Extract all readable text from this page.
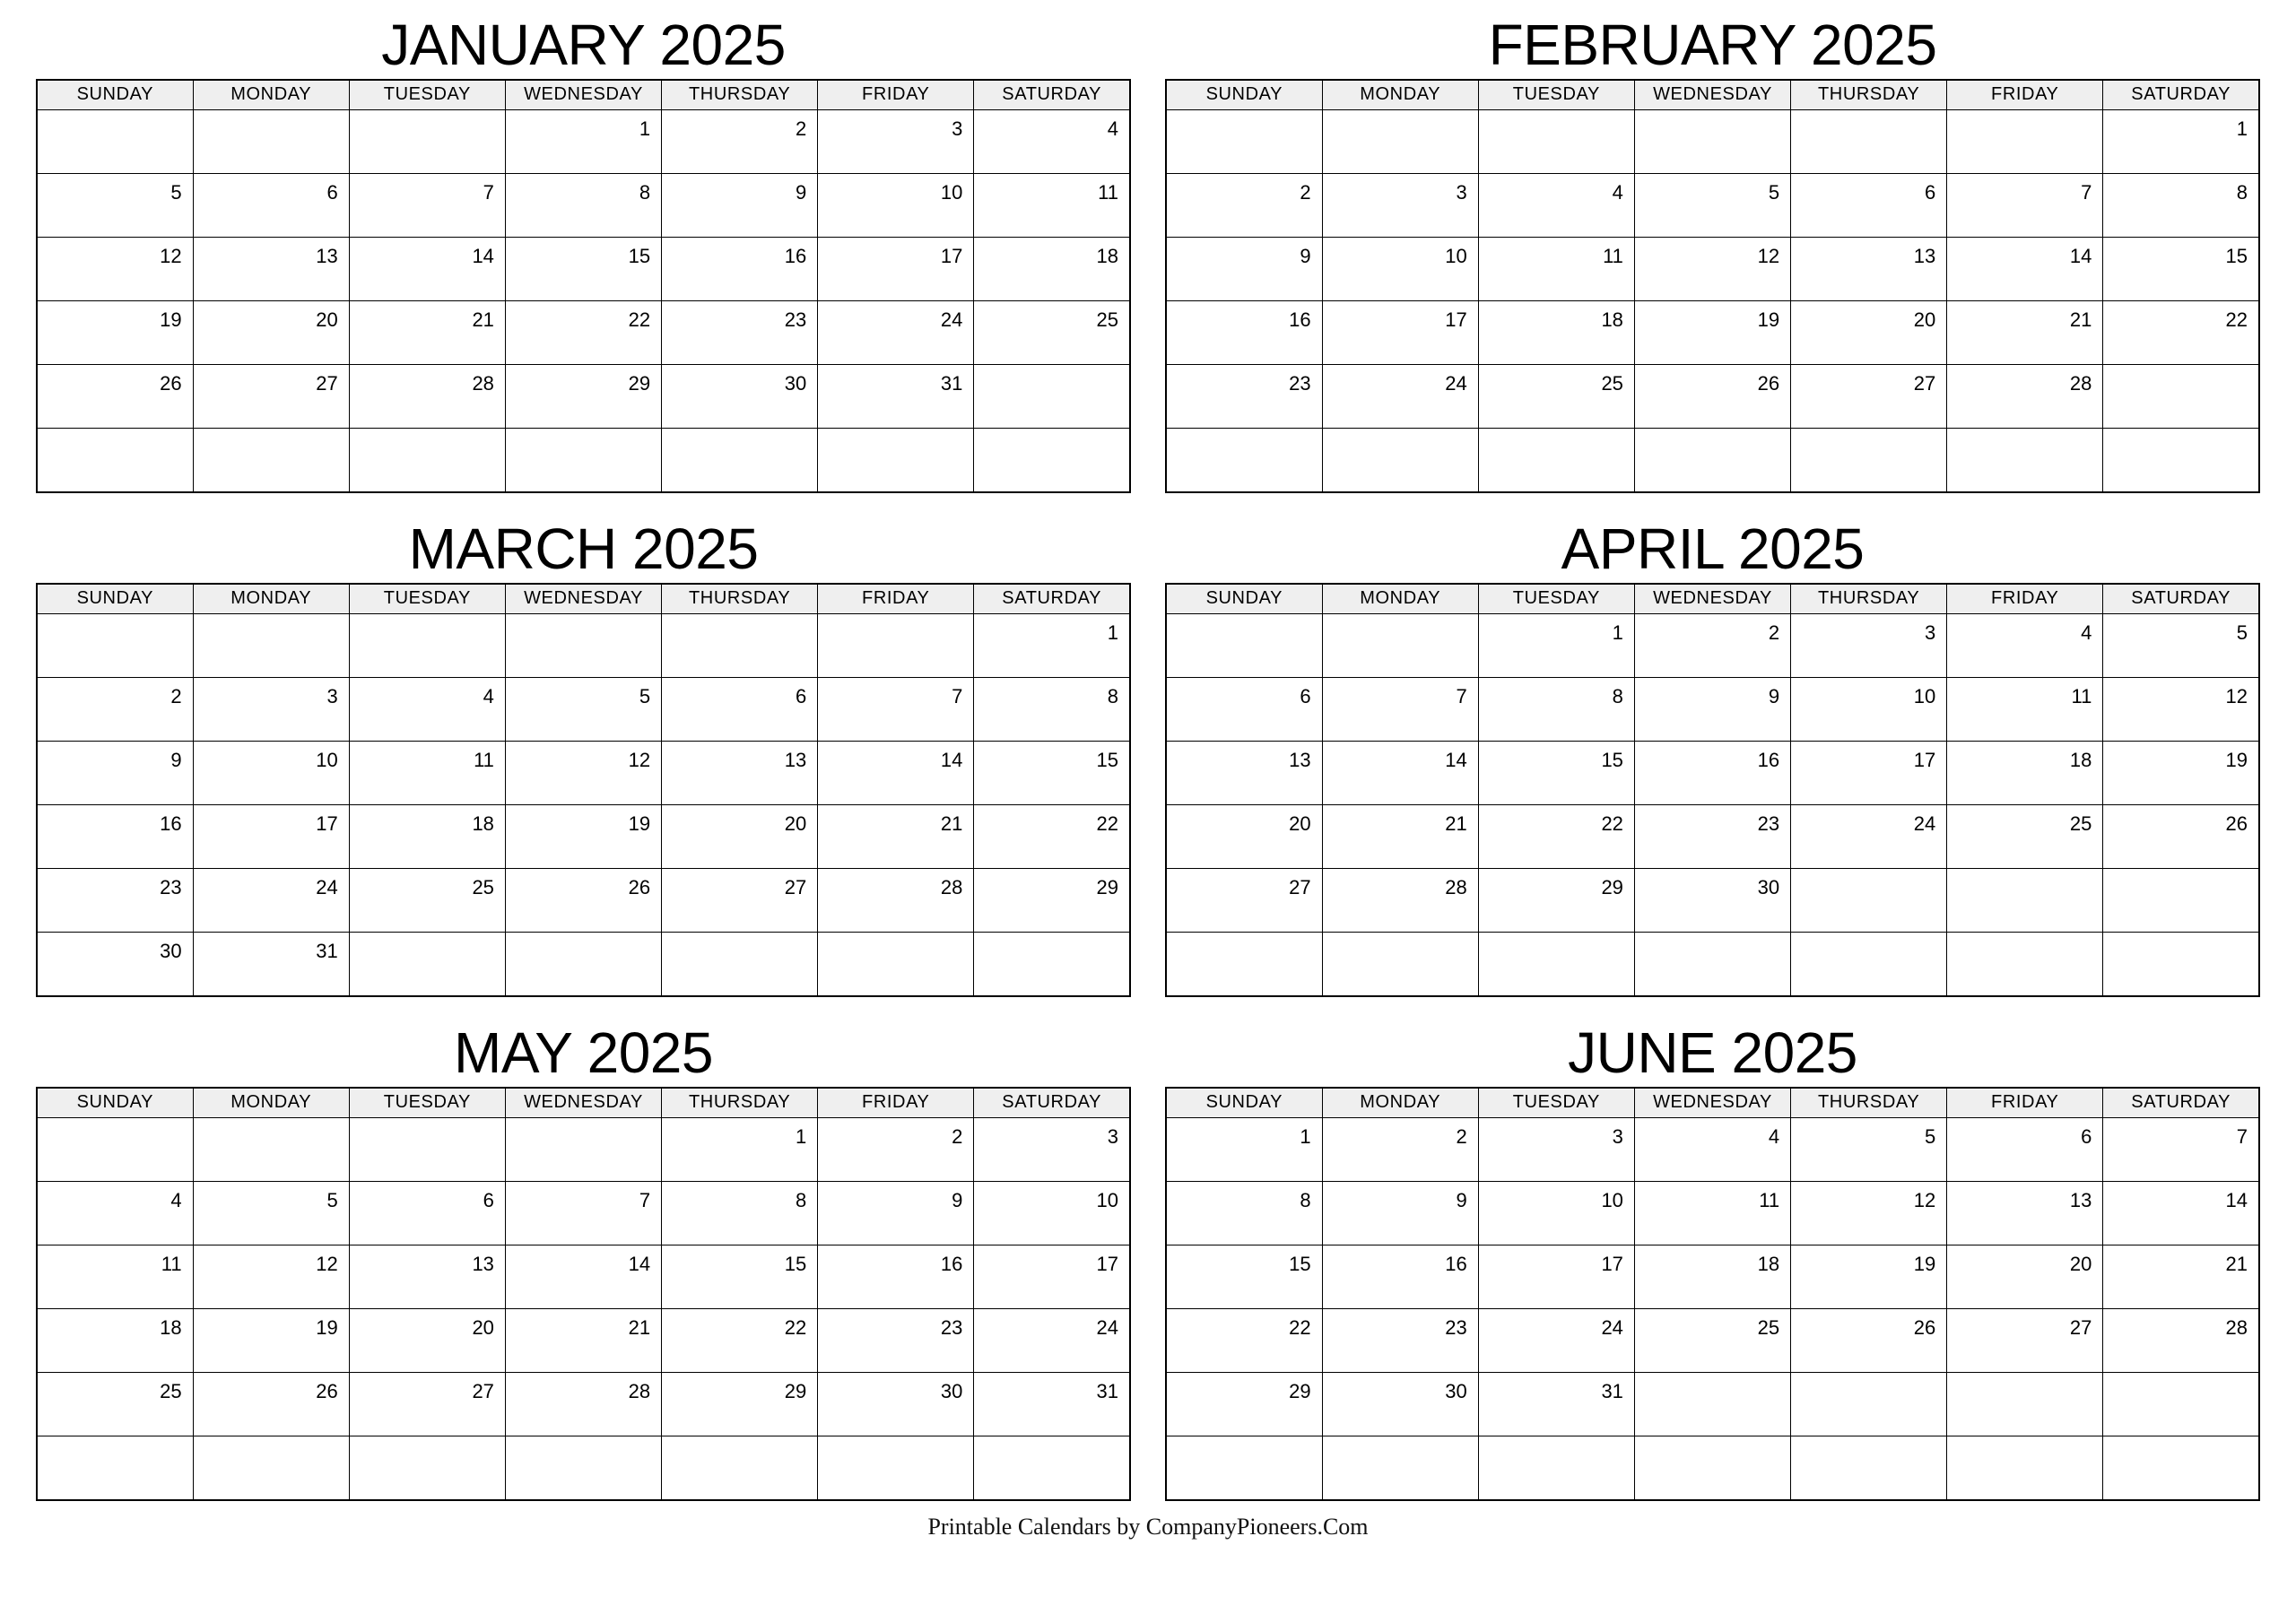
JANUARY 2025
SUNDAY	MONDAY	TUESDAY	WEDNESDAY	THURSDAY	FRIDAY	SATURDAY
			1	2	3	4
5	6	7	8	9	10	11
12	13	14	15	16	17	18
19	20	21	22	23	24	25
26	27	28	29	30	31	

FEBRUARY 2025
SUNDAY	MONDAY	TUESDAY	WEDNESDAY	THURSDAY	FRIDAY	SATURDAY
						1
2	3	4	5	6	7	8
9	10	11	12	13	14	15
16	17	18	19	20	21	22
23	24	25	26	27	28	

MARCH 2025
SUNDAY	MONDAY	TUESDAY	WEDNESDAY	THURSDAY	FRIDAY	SATURDAY
						1
2	3	4	5	6	7	8
9	10	11	12	13	14	15
16	17	18	19	20	21	22
23	24	25	26	27	28	29
30	31					
APRIL 2025
SUNDAY	MONDAY	TUESDAY	WEDNESDAY	THURSDAY	FRIDAY	SATURDAY
		1	2	3	4	5
6	7	8	9	10	11	12
13	14	15	16	17	18	19
20	21	22	23	24	25	26
27	28	29	30			

MAY 2025
SUNDAY	MONDAY	TUESDAY	WEDNESDAY	THURSDAY	FRIDAY	SATURDAY
				1	2	3
4	5	6	7	8	9	10
11	12	13	14	15	16	17
18	19	20	21	22	23	24
25	26	27	28	29	30	31

JUNE 2025
SUNDAY	MONDAY	TUESDAY	WEDNESDAY	THURSDAY	FRIDAY	SATURDAY
1	2	3	4	5	6	7
8	9	10	11	12	13	14
15	16	17	18	19	20	21
22	23	24	25	26	27	28
29	30	31				

Printable Calendars by CompanyPioneers.Com
